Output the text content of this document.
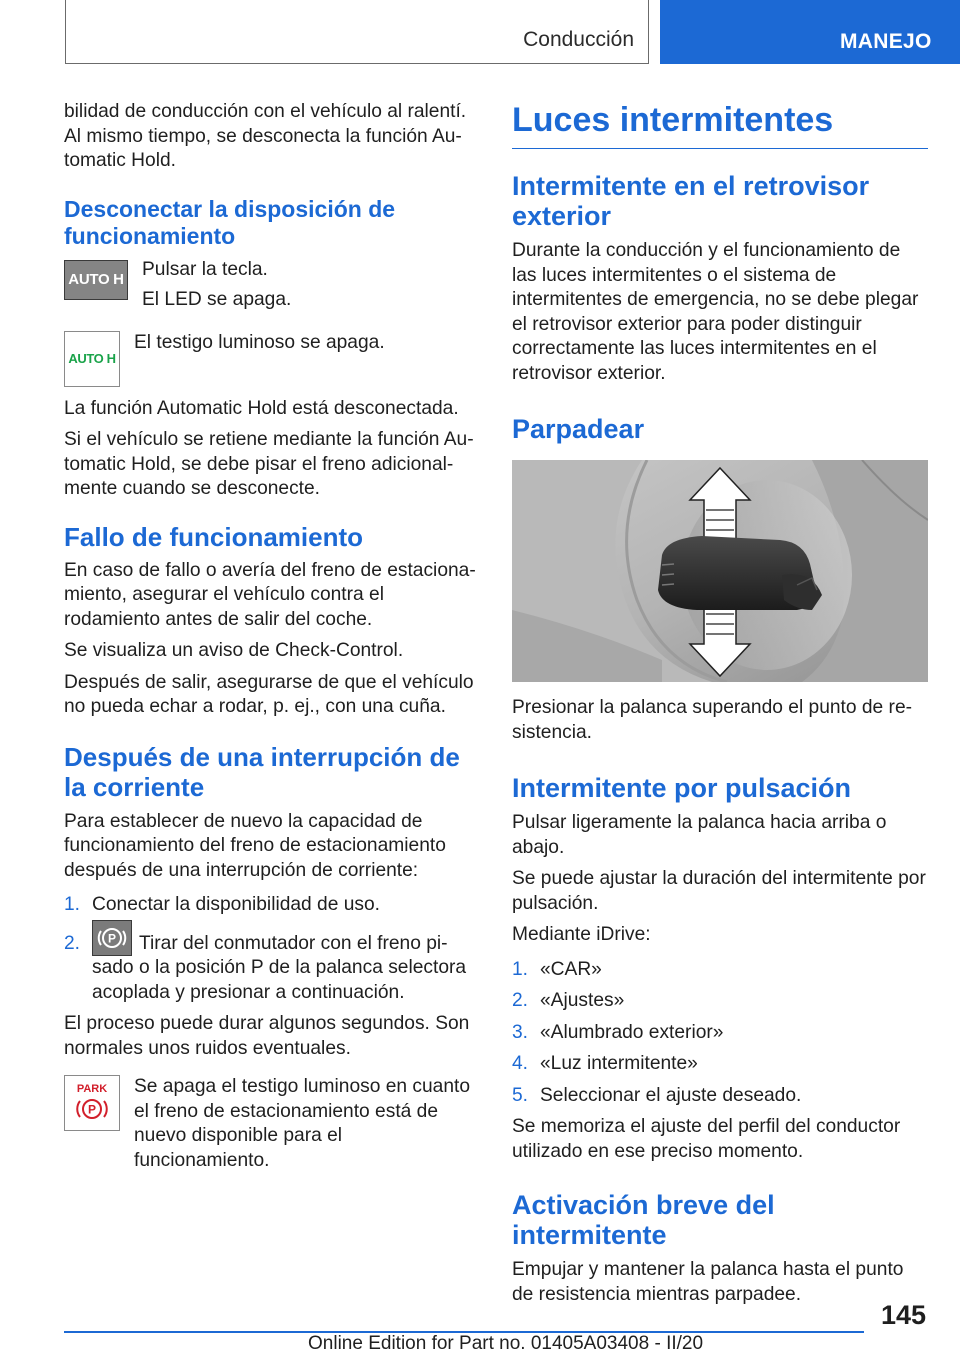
Conducción	MANEJO

bilidad de conducción con el vehículo al ralentí. Al mismo tiempo, se desconecta la función Automatic Hold.

Desconectar la disposición de funcionamiento
AUTO H Pulsar la tecla.

El LED se apaga.

AUTO H

El testigo luminoso se apaga.

La función Automatic Hold está desconectada.

Si el vehículo se retiene mediante la función Automatic Hold, se debe pisar el freno adicionalmente cuando se desconecte.

Fallo de funcionamiento

En caso de fallo o avería del freno de estacionamiento, asegurar el vehículo contra el rodamiento antes de salir del coche.

Se visualiza un aviso de Check-Control.

Después de salir, asegurarse de que el vehículo no pueda echar a rodar, p. ej., con una cuña.

Después de una interrupción de la corriente

Para establecer de nuevo la capacidad de funcionamiento del freno de estacionamiento después de una interrupción de corriente:

1. Conectar la disponibilidad de uso.
2.	P Tirar del conmutador con el freno pisado o la posición P de la palanca selectora acoplada y presionar a continuación.

El proceso puede durar algunos segundos. Son normales unos ruidos eventuales.

PARK
P

Se apaga el testigo luminoso en cuanto el freno de estacionamiento está de nuevo disponible para el funcionamiento.

Luces intermitentes
Intermitente en el retrovisor exterior

Durante la conducción y el funcionamiento de las luces intermitentes o el sistema de intermitentes de emergencia, no se debe plegar el retrovisor exterior para poder distinguir correctamente las luces intermitentes en el retrovisor exterior.

Parpadear

Presionar la palanca superando el punto de resistencia.

Intermitente por pulsación

Pulsar ligeramente la palanca hacia arriba o abajo.

Se puede ajustar la duración del intermitente por pulsación.

Mediante iDrive:

1. «CAR»
2. «Ajustes»
3. «Alumbrado exterior»
4. «Luz intermitente»
5. Seleccionar el ajuste deseado.

Se memoriza el ajuste del perfil del conductor utilizado en ese preciso momento.

Activación breve del intermitente

Empujar y mantener la palanca hasta el punto de resistencia mientras parpadee.

145
Online Edition for Part no. 01405A03408 - II/20
